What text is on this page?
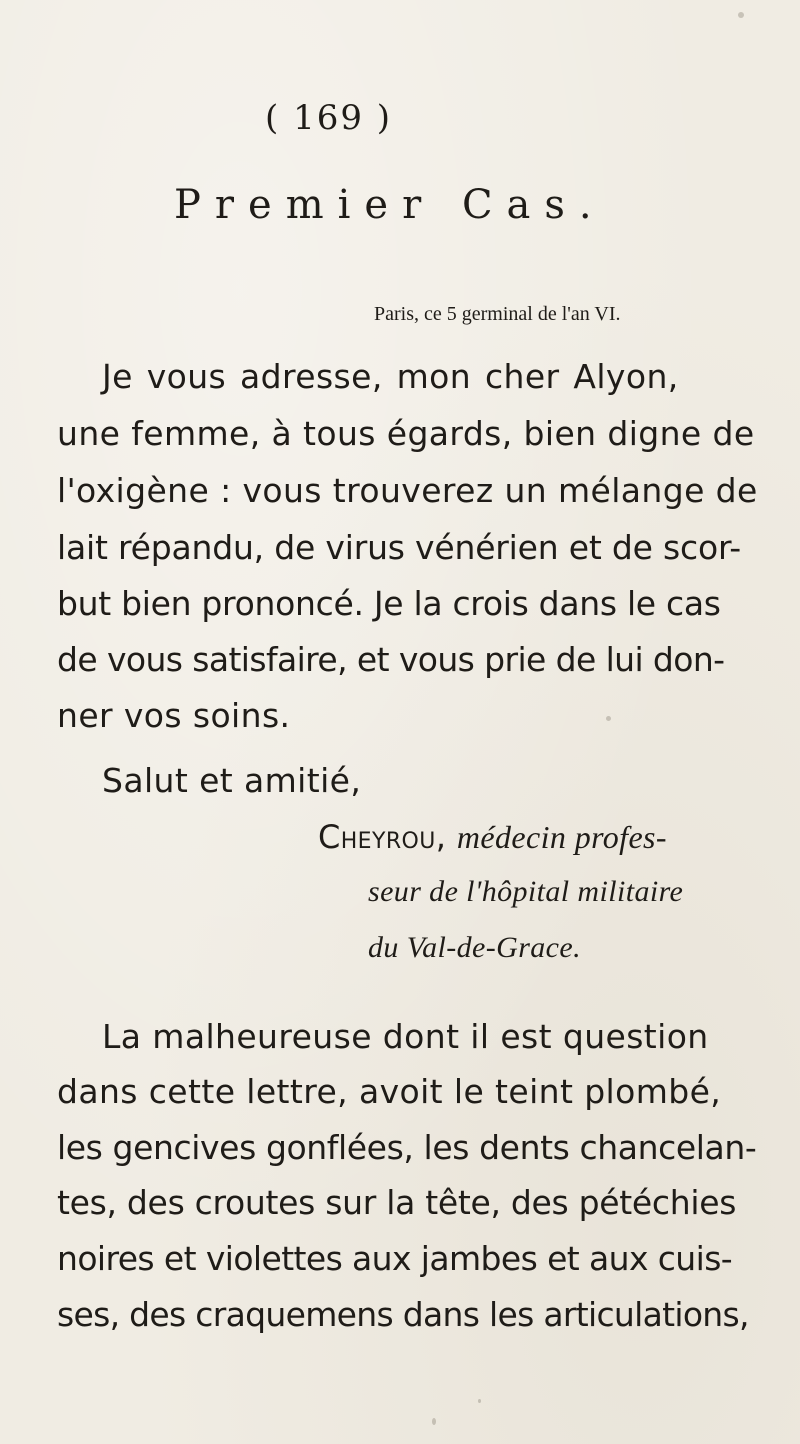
( 169 )
Premier Cas.
Paris, ce 5 germinal de l'an VI.
Je vous adresse, mon cher Alyon,
une femme, à tous égards, bien digne de
l'oxigène : vous trouverez un mélange de
lait répandu, de virus vénérien et de scor-
but bien prononcé. Je la crois dans le cas
de vous satisfaire, et vous prie de lui don-
ner vos soins.
Salut et amitié,
Cheyrou, médecin profes-
seur de l'hôpital militaire
du Val-de-Grace.
La malheureuse dont il est question
dans cette lettre, avoit le teint plombé,
les gencives gonflées, les dents chancelan-
tes, des croutes sur la tête, des pétéchies
noires et violettes aux jambes et aux cuis-
ses, des craquemens dans les articulations,
